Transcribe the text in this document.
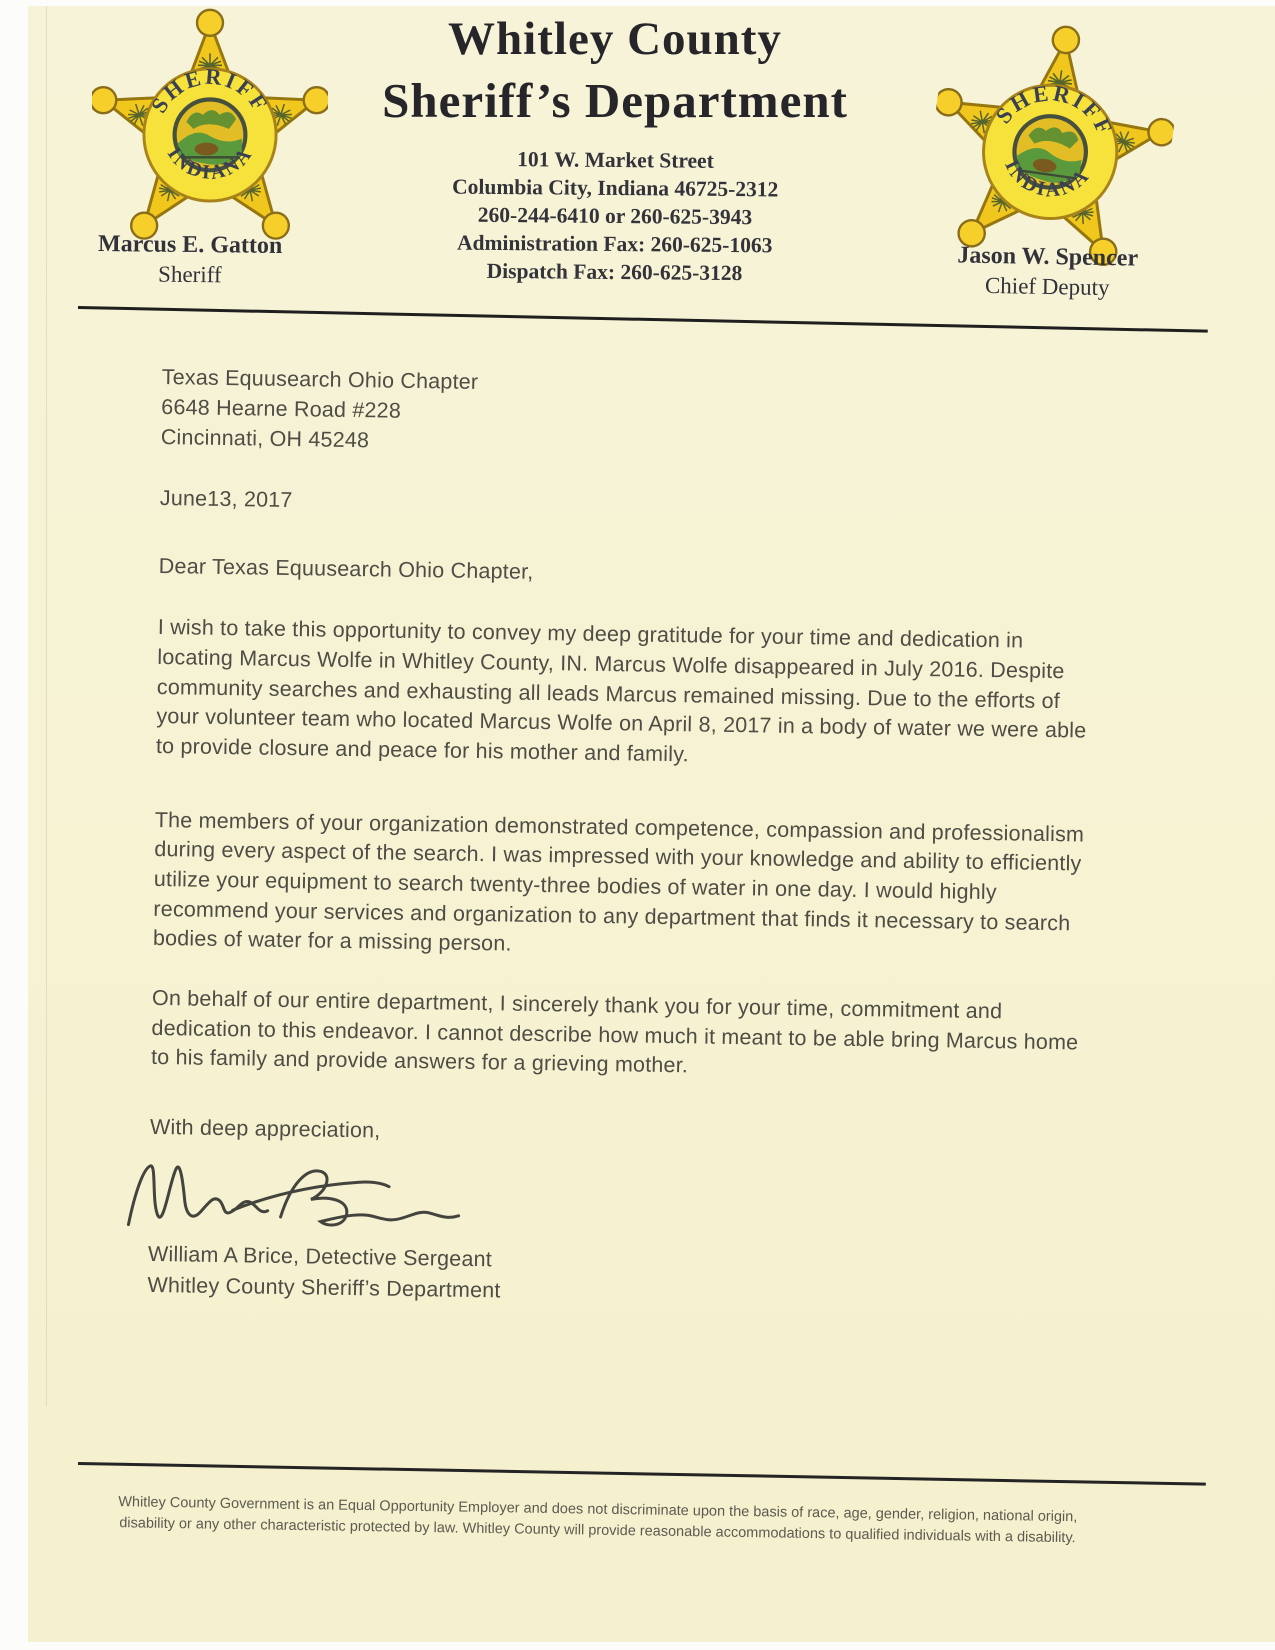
Whitley County
Sheriff’s Department
101 W. Market Street
Columbia City, Indiana 46725-2312
260-244-6410 or 260-625-3943
Administration Fax: 260-625-1063
Dispatch Fax: 260-625-3128
Marcus E. Gatton
Sheriff
Jason W. Spencer
Chief Deputy
Texas Equusearch Ohio Chapter
6648 Hearne Road #228
Cincinnati, OH 45248
June13, 2017
Dear Texas Equusearch Ohio Chapter,
I wish to take this opportunity to convey my deep gratitude for your time and dedication in locating Marcus Wolfe in Whitley County, IN. Marcus Wolfe disappeared in July 2016. Despite community searches and exhausting all leads Marcus remained missing. Due to the efforts of your volunteer team who located Marcus Wolfe on April 8, 2017 in a body of water we were able to provide closure and peace for his mother and family.
The members of your organization demonstrated competence, compassion and professionalism during every aspect of the search. I was impressed with your knowledge and ability to efficiently utilize your equipment to search twenty-three bodies of water in one day. I would highly recommend your services and organization to any department that finds it necessary to search bodies of water for a missing person.
On behalf of our entire department, I sincerely thank you for your time, commitment and dedication to this endeavor. I cannot describe how much it meant to be able bring Marcus home to his family and provide answers for a grieving mother.
With deep appreciation,
William A Brice, Detective Sergeant
Whitley County Sheriff’s Department
Whitley County Government is an Equal Opportunity Employer and does not discriminate upon the basis of race, age, gender, religion, national origin, disability or any other characteristic protected by law. Whitley County will provide reasonable accommodations to qualified individuals with a disability.
